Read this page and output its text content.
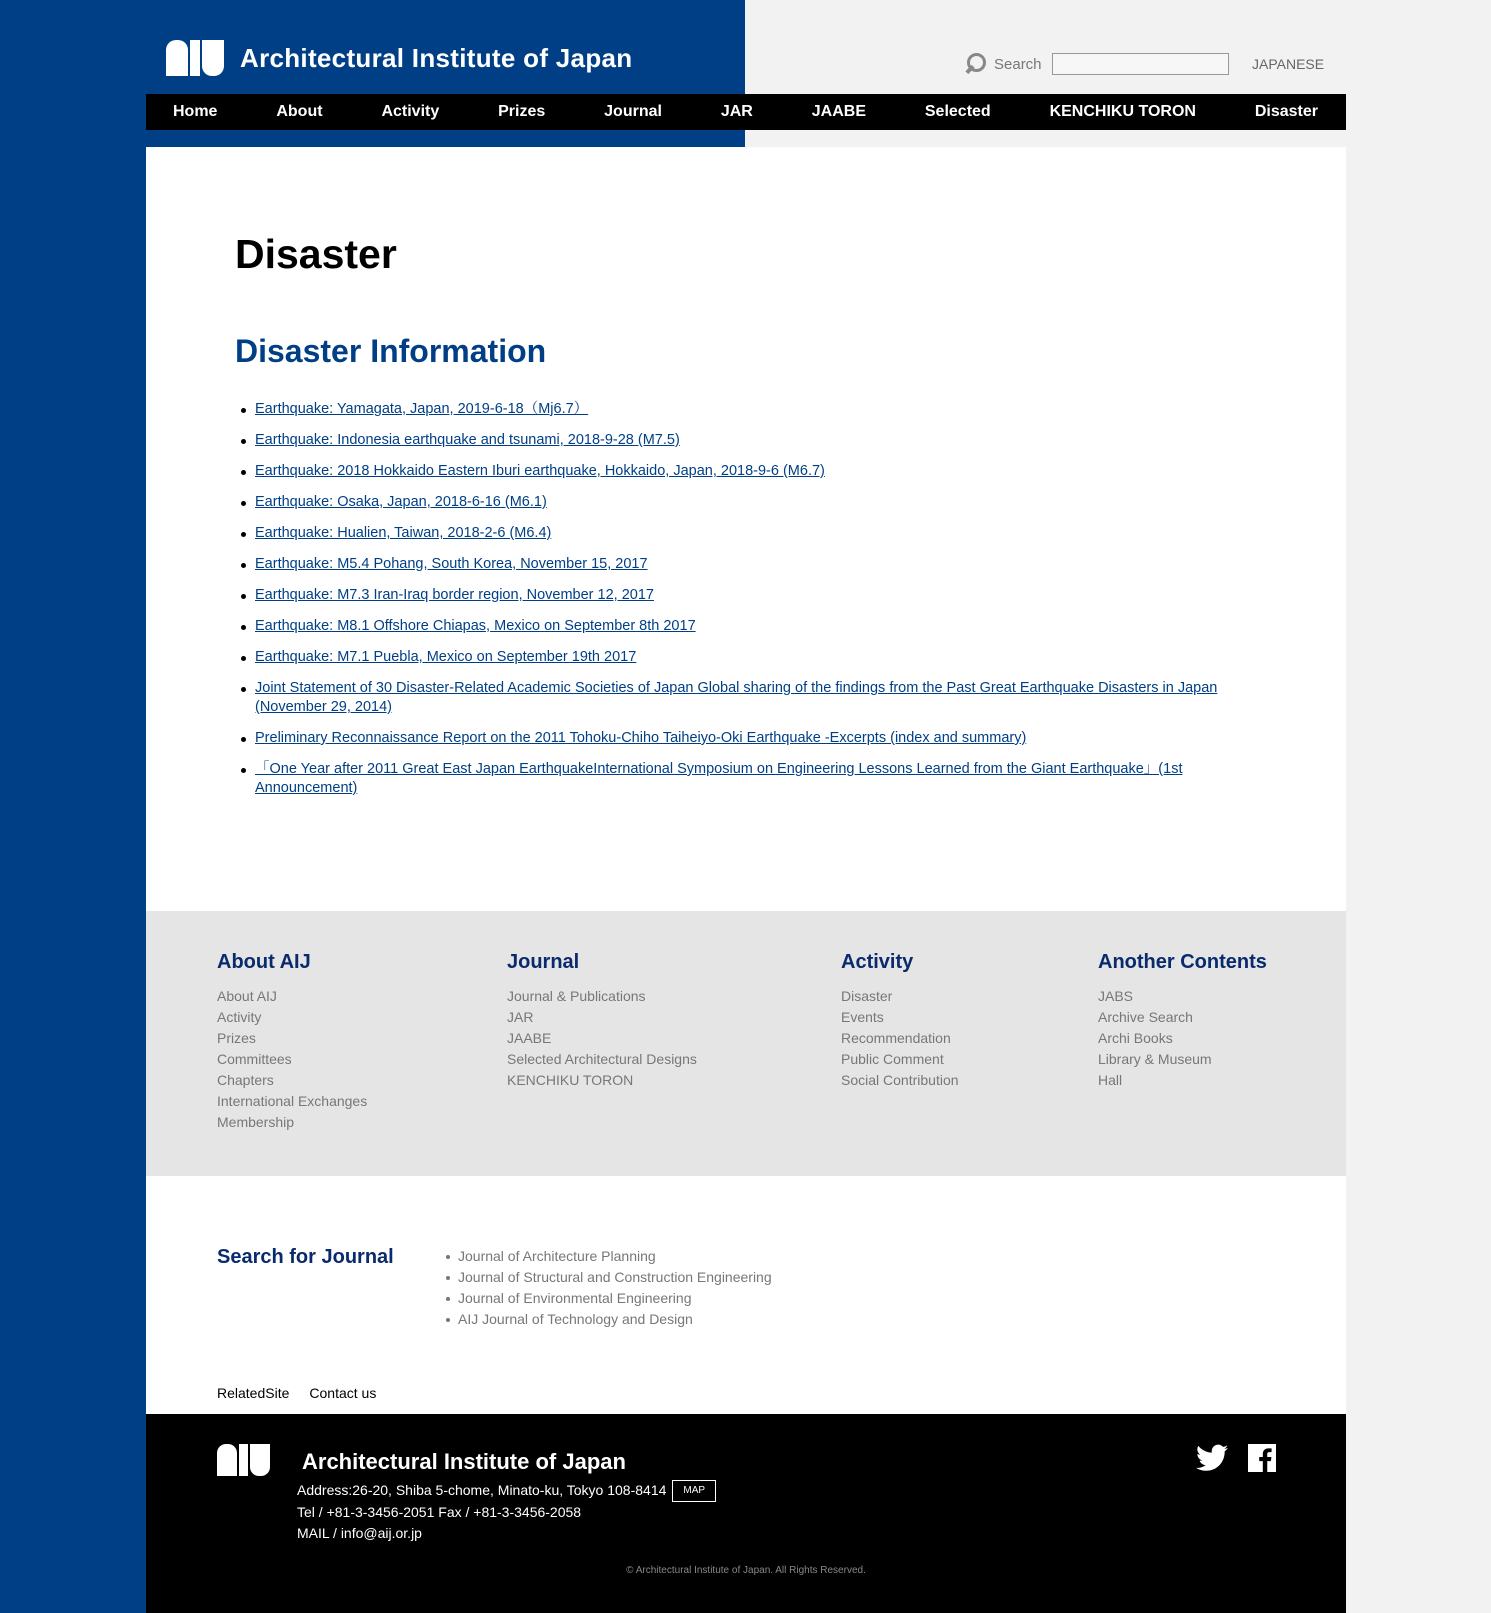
Architectural Institute of Japan	Search	JAPANESE
Home	About	Activity	Prizes	Journal	JAR	JAABE	Selected	KENCHIKU TORON	Disaster
Disaster
Disaster Information
Earthquake: Yamagata, Japan, 2019-6-18（Mj6.7）
Earthquake: Indonesia earthquake and tsunami, 2018-9-28 (M7.5)
Earthquake: 2018 Hokkaido Eastern Iburi earthquake, Hokkaido, Japan, 2018-9-6 (M6.7)
Earthquake: Osaka, Japan, 2018-6-16 (M6.1)
Earthquake: Hualien, Taiwan, 2018-2-6 (M6.4)
Earthquake: M5.4 Pohang, South Korea, November 15, 2017
Earthquake: M7.3 Iran-Iraq border region, November 12, 2017
Earthquake: M8.1 Offshore Chiapas, Mexico on September 8th 2017
Earthquake: M7.1 Puebla, Mexico on September 19th 2017
Joint Statement of 30 Disaster-Related Academic Societies of Japan Global sharing of the findings from the Past Great Earthquake Disasters in Japan (November 29, 2014)
Preliminary Reconnaissance Report on the 2011 Tohoku-Chiho Taiheiyo-Oki Earthquake -Excerpts (index and summary)
「One Year after 2011 Great East Japan EarthquakeInternational Symposium on Engineering Lessons Learned from the Giant Earthquake」(1st Announcement)
About AIJ
About AIJ
Activity
Prizes
Committees
Chapters
International Exchanges
Membership
Journal
Journal & Publications
JAR
JAABE
Selected Architectural Designs
KENCHIKU TORON
Activity
Disaster
Events
Recommendation
Public Comment
Social Contribution
Another Contents
JABS
Archive Search
Archi Books
Library & Museum
Hall
Search for Journal	Journal of Architecture Planning
Journal of Structural and Construction Engineering
Journal of Environmental Engineering
AIJ Journal of Technology and Design
RelatedSite Contact us
Architectural Institute of Japan
Address:26-20, Shiba 5-chome, Minato-ku, Tokyo 108-8414 MAP
Tel / +81-3-3456-2051 Fax / +81-3-3456-2058
MAIL / info@aij.or.jp
© Architectural Institute of Japan. All Rights Reserved.
